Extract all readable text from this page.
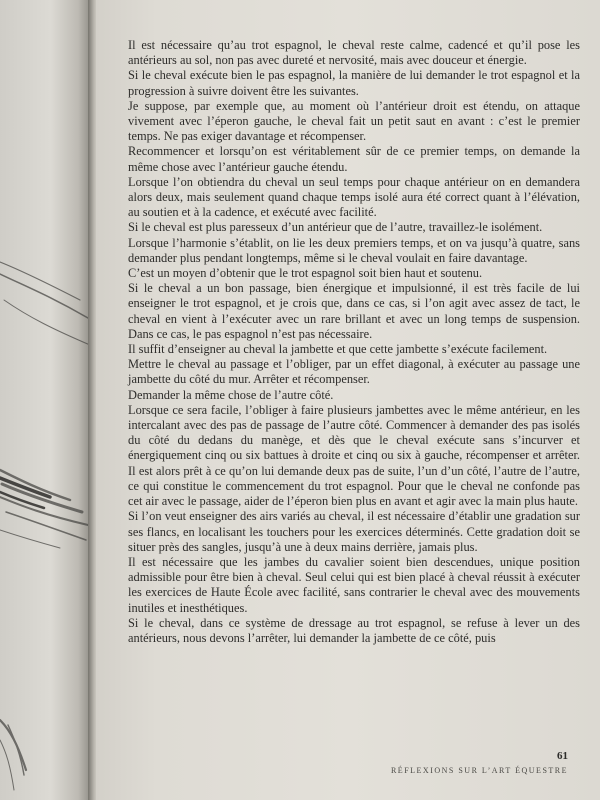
Il est nécessaire qu’au trot espagnol, le cheval reste calme, cadencé et qu’il pose les antérieurs au sol, non pas avec dureté et nervosité, mais avec douceur et énergie.

Si le cheval exécute bien le pas espagnol, la manière de lui demander le trot espagnol et la progression à suivre doivent être les suivantes.

Je suppose, par exemple que, au moment où l’antérieur droit est étendu, on attaque vivement avec l’éperon gauche, le cheval fait un petit saut en avant : c’est le premier temps. Ne pas exiger davantage et récompenser.

Recommencer et lorsqu’on est véritablement sûr de ce premier temps, on demande la même chose avec l’antérieur gauche étendu.

Lorsque l’on obtiendra du cheval un seul temps pour chaque antérieur on en demandera alors deux, mais seulement quand chaque temps isolé aura été correct quant à l’élévation, au soutien et à la cadence, et exécuté avec facilité.

Si le cheval est plus paresseux d’un antérieur que de l’autre, travaillez-le isolément.

Lorsque l’harmonie s’établit, on lie les deux premiers temps, et on va jusqu’à quatre, sans demander plus pendant longtemps, même si le cheval voulait en faire davantage.

C’est un moyen d’obtenir que le trot espagnol soit bien haut et soutenu.

Si le cheval a un bon passage, bien énergique et impulsionné, il est très facile de lui enseigner le trot espagnol, et je crois que, dans ce cas, si l’on agit avec assez de tact, le cheval en vient à l’exécuter avec un rare brillant et avec un long temps de suspension. Dans ce cas, le pas espagnol n’est pas nécessaire.

Il suffit d’enseigner au cheval la jambette et que cette jambette s’exécute facilement.

Mettre le cheval au passage et l’obliger, par un effet diagonal, à exécuter au passage une jambette du côté du mur. Arrêter et récompenser.

Demander la même chose de l’autre côté.

Lorsque ce sera facile, l’obliger à faire plusieurs jambettes avec le même antérieur, en les intercalant avec des pas de passage de l’autre côté. Commencer à demander des pas isolés du côté du dedans du manège, et dès que le cheval exécute sans s’incurver et énergiquement cinq ou six battues à droite et cinq ou six à gauche, récompenser et arrêter. Il est alors prêt à ce qu’on lui demande deux pas de suite, l’un d’un côté, l’autre de l’autre, ce qui constitue le commencement du trot espagnol. Pour que le cheval ne confonde pas cet air avec le passage, aider de l’éperon bien plus en avant et agir avec la main plus haute.

Si l’on veut enseigner des airs variés au cheval, il est nécessaire d’établir une gradation sur ses flancs, en localisant les touchers pour les exercices déterminés. Cette gradation doit se situer près des sangles, jusqu’à une à deux mains derrière, jamais plus.

Il est nécessaire que les jambes du cavalier soient bien descendues, unique position admissible pour être bien à cheval. Seul celui qui est bien placé à cheval réussit à exécuter les exercices de Haute École avec facilité, sans contrarier le cheval avec des mouvements inutiles et inesthétiques.

Si le cheval, dans ce système de dressage au trot espagnol, se refuse à lever un des antérieurs, nous devons l’arrêter, lui demander la jambette de ce côté, puis

61
RÉFLEXIONS SUR L’ART ÉQUESTRE
